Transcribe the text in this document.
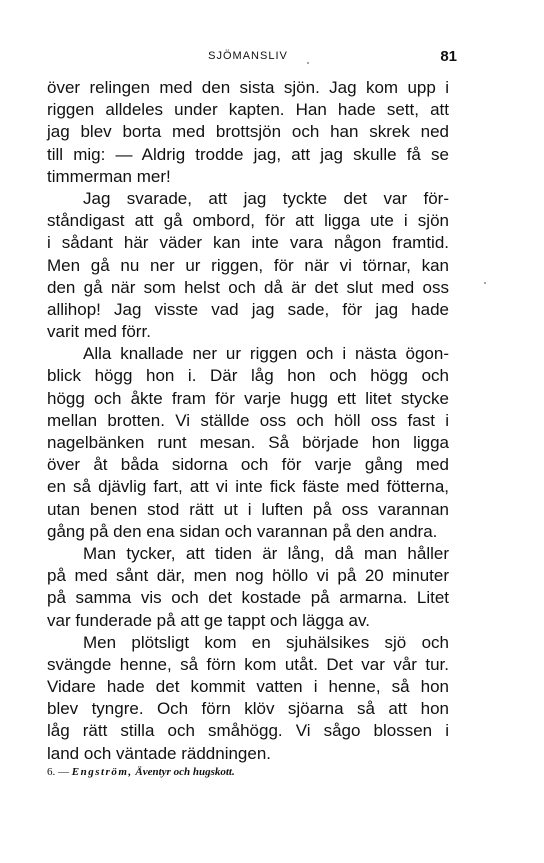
SJÖMANSLIV	81
över relingen med den sista sjön. Jag kom upp i
riggen alldeles under kapten. Han hade sett, att
jag blev borta med brottsjön och han skrek ned
till mig: — Aldrig trodde jag, att jag skulle få se
timmerman mer!
Jag svarade, att jag tyckte det var för-
ståndigast att gå ombord, för att ligga ute i sjön
i sådant här väder kan inte vara någon framtid.
Men gå nu ner ur riggen, för när vi törnar, kan
den gå när som helst och då är det slut med oss
allihop! Jag visste vad jag sade, för jag hade
varit med förr.
Alla knallade ner ur riggen och i nästa ögon-
blick högg hon i. Där låg hon och högg och
högg och åkte fram för varje hugg ett litet stycke
mellan brotten. Vi ställde oss och höll oss fast i
nagelbänken runt mesan. Så började hon ligga
över åt båda sidorna och för varje gång med
en så djävlig fart, att vi inte fick fäste med fötterna,
utan benen stod rätt ut i luften på oss varannan
gång på den ena sidan och varannan på den andra.
Man tycker, att tiden är lång, då man håller
på med sånt där, men nog höllo vi på 20 minuter
på samma vis och det kostade på armarna. Litet
var funderade på att ge tappt och lägga av.
Men plötsligt kom en sjuhälsikes sjö och
svängde henne, så förn kom utåt. Det var vår tur.
Vidare hade det kommit vatten i henne, så hon
blev tyngre. Och förn klöv sjöarna så att hon
låg rätt stilla och småhögg. Vi sågo blossen i
land och väntade räddningen.
6. — Engström, Äventyr och hugskott.
